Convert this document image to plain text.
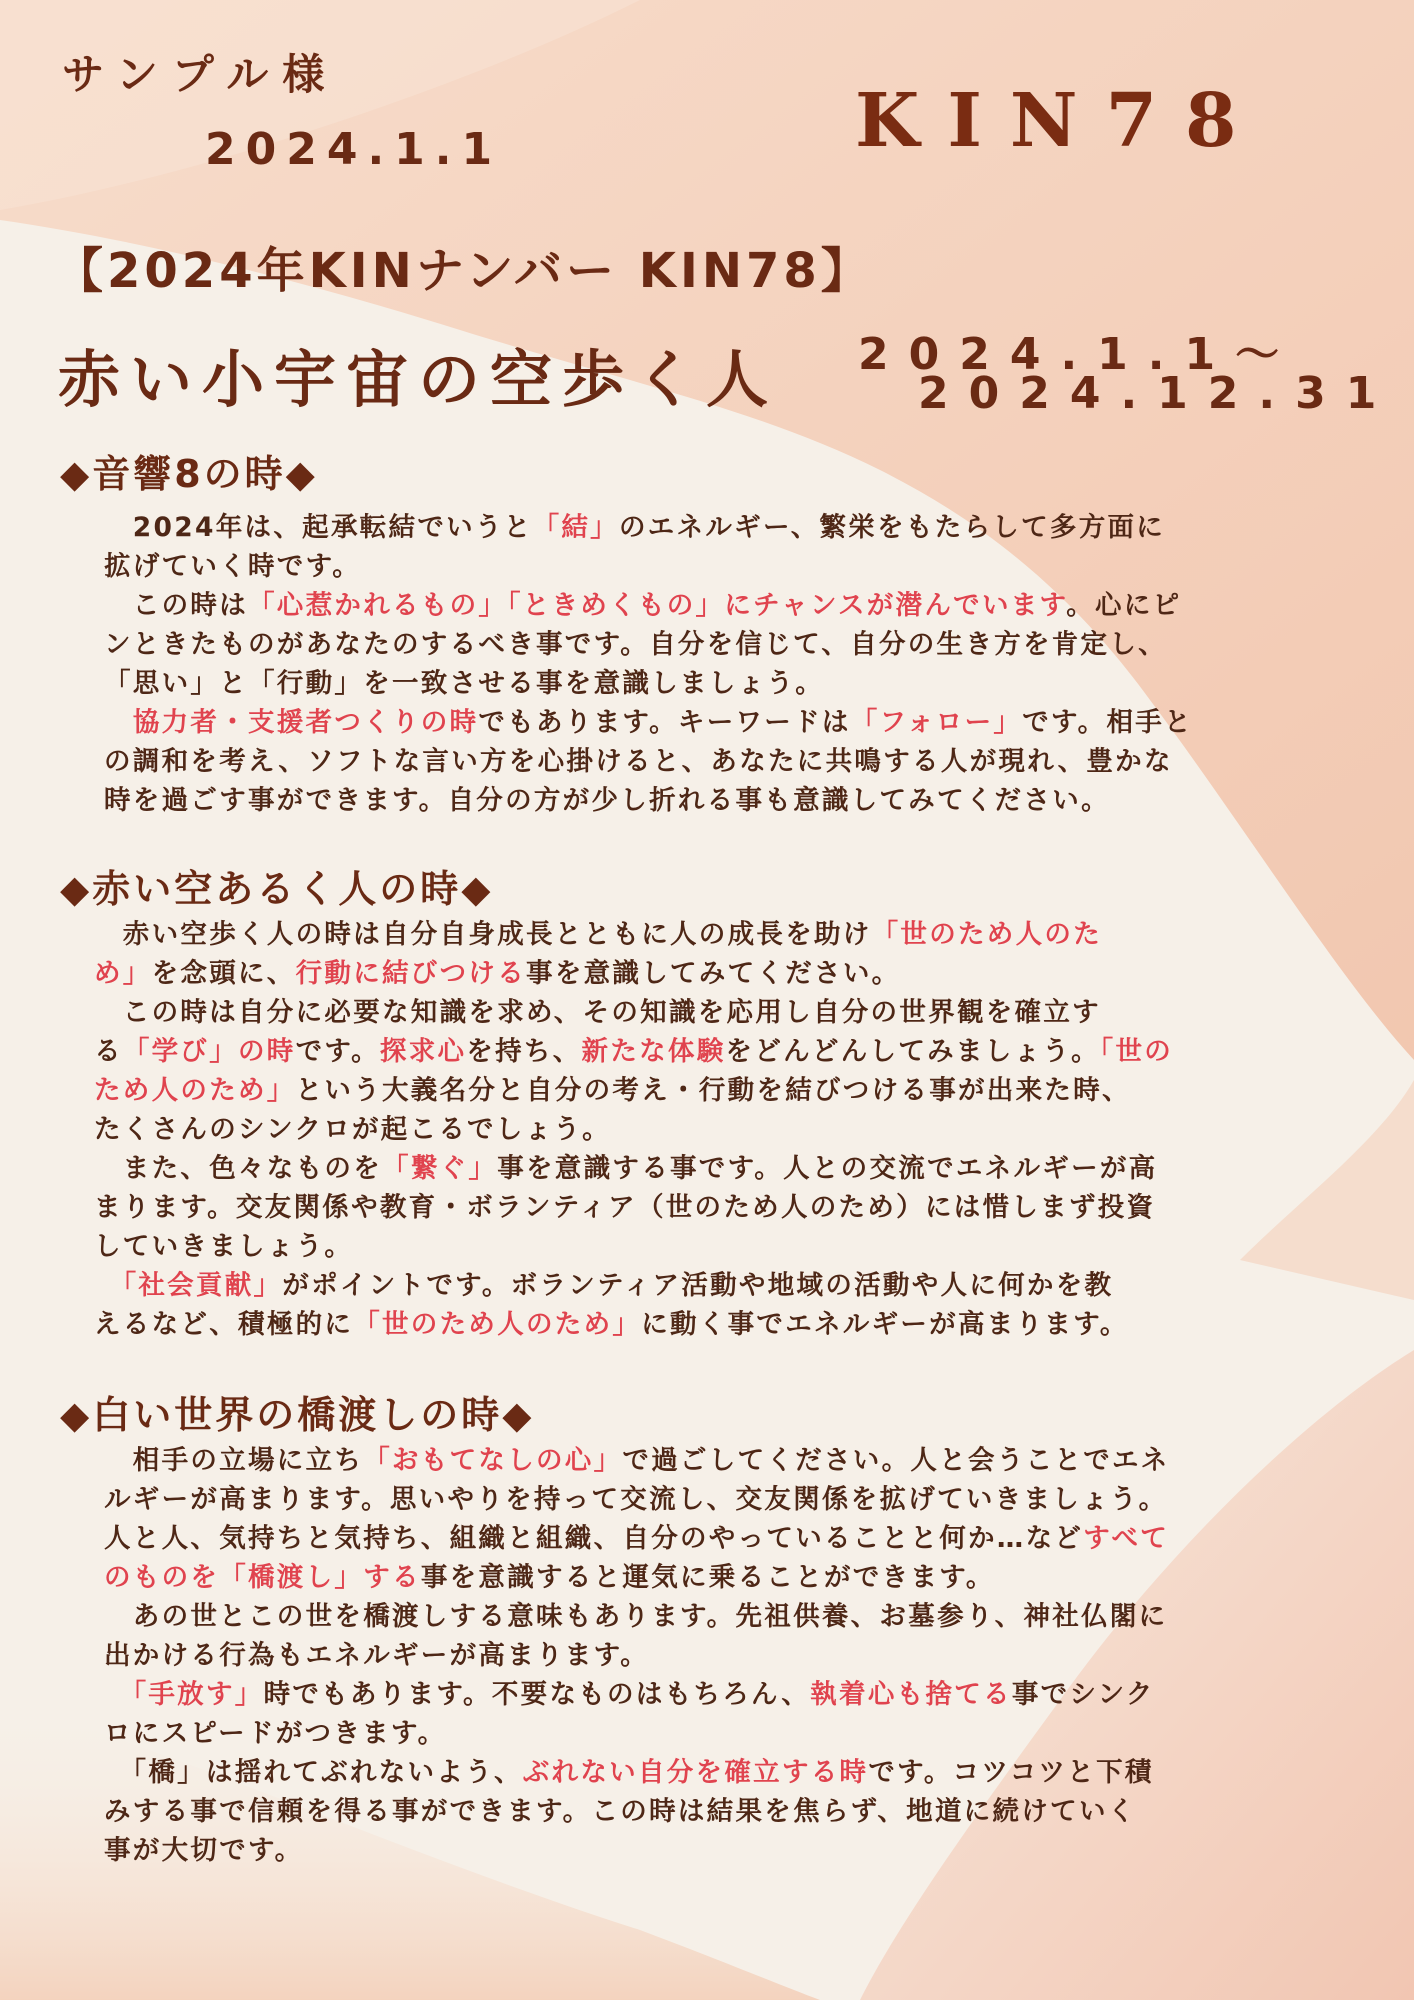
サンプル様
2024.1.1	KIN78
【2024年KINナンバー KIN78】
赤い小宇宙の空歩く人 2024.1.1～
2024.12.31
◆音響8の時◆

　2024年は、起承転結でいうと「結」のエネルギー、繁栄をもたらして多方面に

拡げていく時です。

　この時は「心惹かれるもの」「ときめくもの」にチャンスが潜んでいます。心にピ

ンときたものがあなたのするべき事です。自分を信じて、自分の生き方を肯定し、

「思い」と「行動」を一致させる事を意識しましょう。

　協力者・支援者つくりの時でもあります。キーワードは「フォロー」です。相手と

の調和を考え、ソフトな言い方を心掛けると、あなたに共鳴する人が現れ、豊かな

時を過ごす事ができます。自分の方が少し折れる事も意識してみてください。

◆赤い空あるく人の時◆

　赤い空歩く人の時は自分自身成長とともに人の成長を助け「世のため人のた

め」を念頭に、行動に結びつける事を意識してみてください。

　この時は自分に必要な知識を求め、その知識を応用し自分の世界観を確立す

る「学び」の時です。探求心を持ち、新たな体験をどんどんしてみましょう。「世の

ため人のため」という大義名分と自分の考え・行動を結びつける事が出来た時、

たくさんのシンクロが起こるでしょう。

　また、色々なものを「繋ぐ」事を意識する事です。人との交流でエネルギーが高

まります。交友関係や教育・ボランティア（世のため人のため）には惜しまず投資

していきましょう。

　「社会貢献」がポイントです。ボランティア活動や地域の活動や人に何かを教

えるなど、積極的に「世のため人のため」に動く事でエネルギーが高まります。

◆白い世界の橋渡しの時◆

　相手の立場に立ち「おもてなしの心」で過ごしてください。人と会うことでエネ

ルギーが高まります。思いやりを持って交流し、交友関係を拡げていきましょう。

人と人、気持ちと気持ち、組織と組織、自分のやっていることと何か…などすべて

のものを「橋渡し」する事を意識すると運気に乗ることができます。

　あの世とこの世を橋渡しする意味もあります。先祖供養、お墓参り、神社仏閣に

出かける行為もエネルギーが高まります。

　「手放す」時でもあります。不要なものはもちろん、執着心も捨てる事でシンク

ロにスピードがつきます。

　「橋」は揺れてぶれないよう、ぶれない自分を確立する時です。コツコツと下積

みする事で信頼を得る事ができます。この時は結果を焦らず、地道に続けていく

事が大切です。
